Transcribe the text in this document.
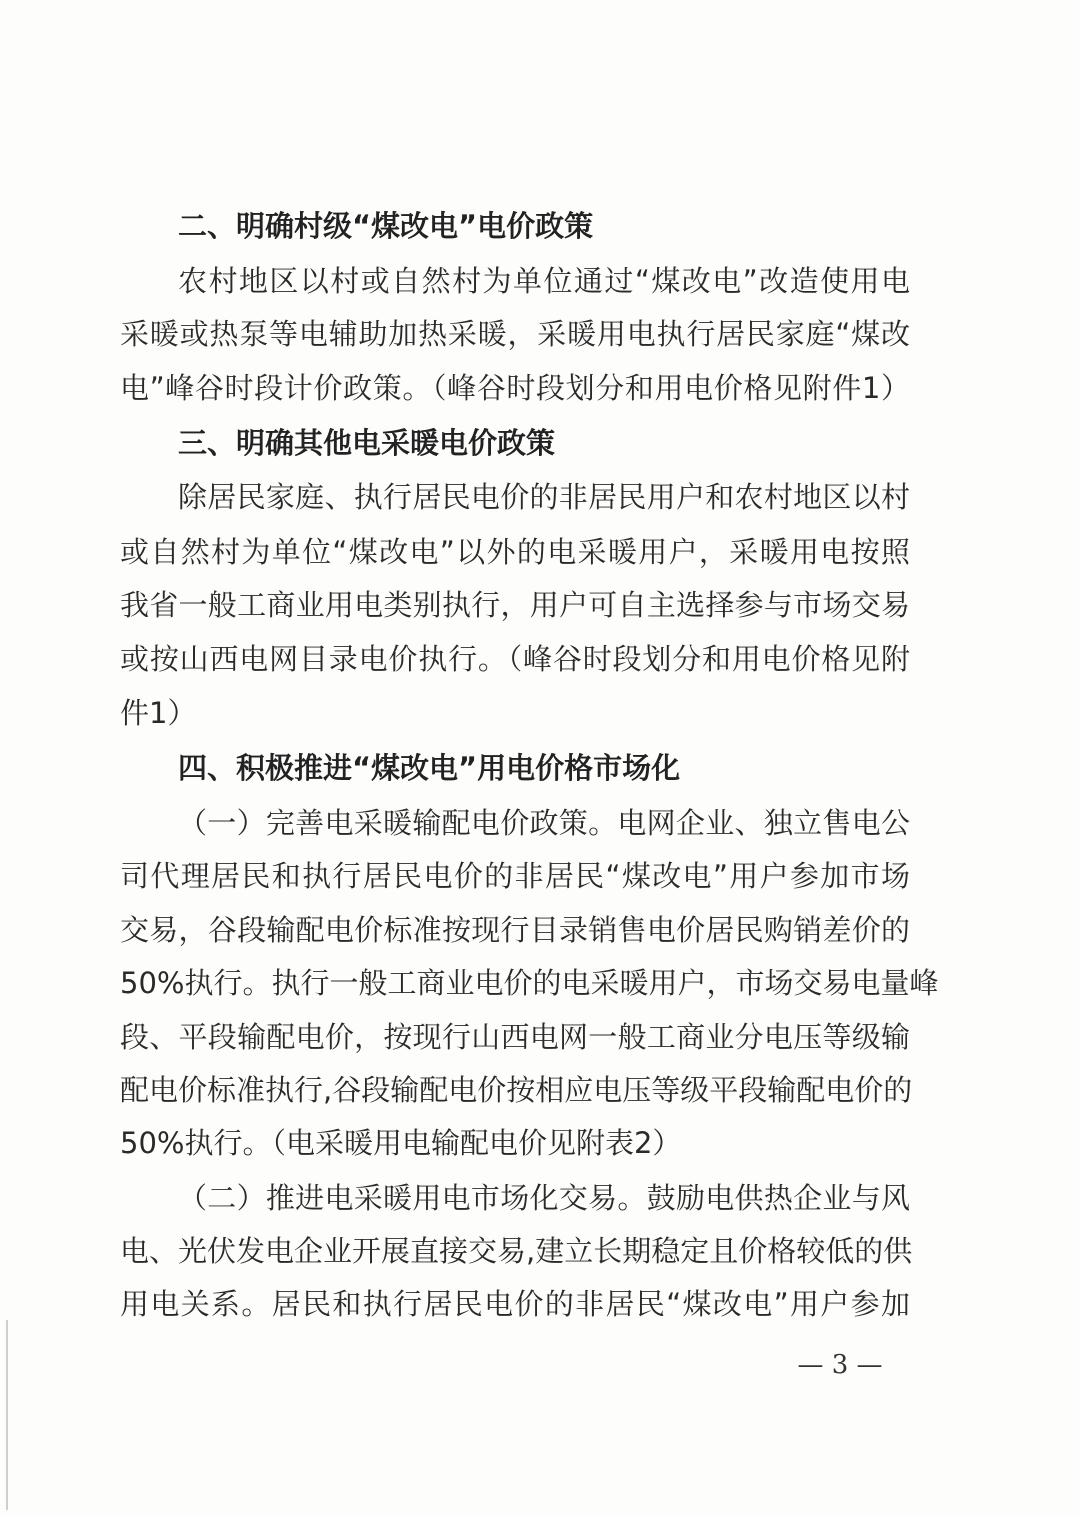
二、明确村级“煤改电”电价政策
农村地区以村或自然村为单位通过“煤改电”改造使用电
采暖或热泵等电辅助加热采暖，采暖用电执行居民家庭“煤改
电”峰谷时段计价政策。（峰谷时段划分和用电价格见附件1）
三、明确其他电采暖电价政策
除居民家庭、执行居民电价的非居民用户和农村地区以村
或自然村为单位“煤改电”以外的电采暖用户，采暖用电按照
我省一般工商业用电类别执行，用户可自主选择参与市场交易
或按山西电网目录电价执行。（峰谷时段划分和用电价格见附
件1）
四、积极推进“煤改电”用电价格市场化
（一）完善电采暖输配电价政策。电网企业、独立售电公
司代理居民和执行居民电价的非居民“煤改电”用户参加市场
交易，谷段输配电价标准按现行目录销售电价居民购销差价的
50%执行。执行一般工商业电价的电采暖用户，市场交易电量峰
段、平段输配电价，按现行山西电网一般工商业分电压等级输
配电价标准执行,谷段输配电价按相应电压等级平段输配电价的
50%执行。（电采暖用电输配电价见附表2）
（二）推进电采暖用电市场化交易。鼓励电供热企业与风
电、光伏发电企业开展直接交易,建立长期稳定且价格较低的供
用电关系。居民和执行居民电价的非居民“煤改电”用户参加
— 3 —
